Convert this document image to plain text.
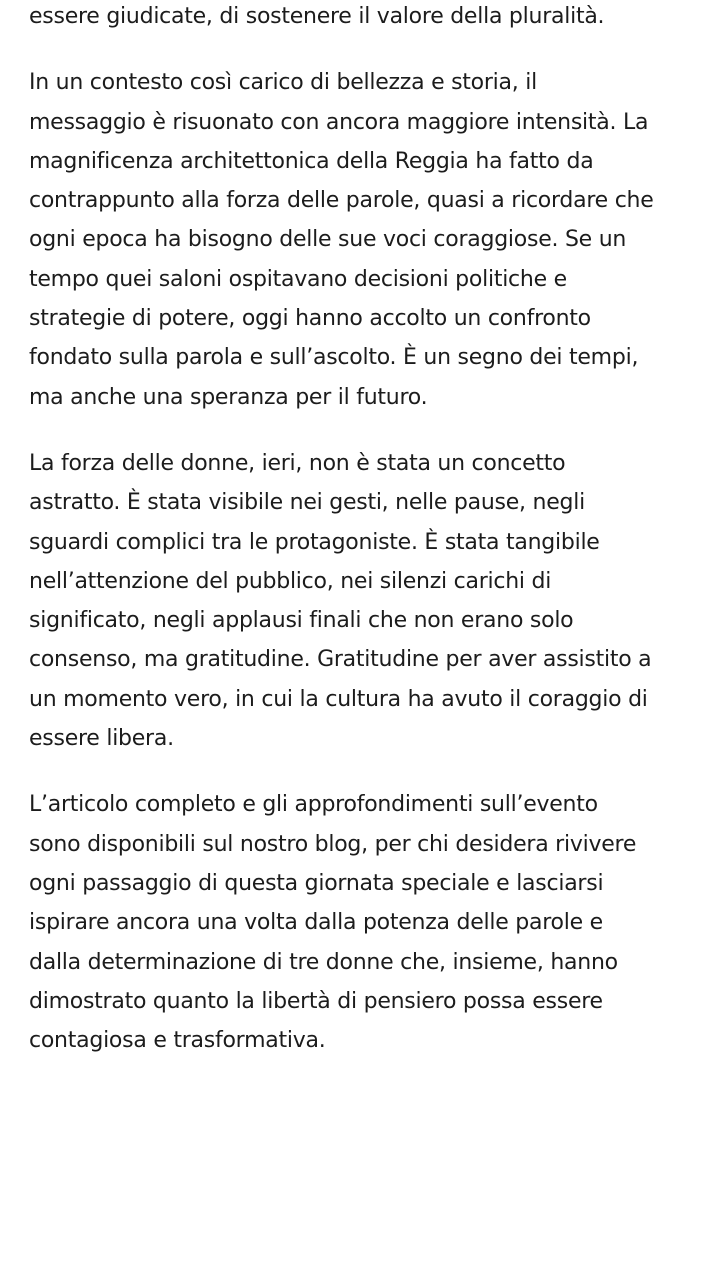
essere giudicate, di sostenere il valore della pluralità.

In un contesto così carico di bellezza e storia, il
messaggio è risuonato con ancora maggiore intensità. La
magnificenza architettonica della Reggia ha fatto da
contrappunto alla forza delle parole, quasi a ricordare che
ogni epoca ha bisogno delle sue voci coraggiose. Se un
tempo quei saloni ospitavano decisioni politiche e
strategie di potere, oggi hanno accolto un confronto
fondato sulla parola e sull’ascolto. È un segno dei tempi,
ma anche una speranza per il futuro.

La forza delle donne, ieri, non è stata un concetto
astratto. È stata visibile nei gesti, nelle pause, negli
sguardi complici tra le protagoniste. È stata tangibile
nell’attenzione del pubblico, nei silenzi carichi di
significato, negli applausi finali che non erano solo
consenso, ma gratitudine. Gratitudine per aver assistito a
un momento vero, in cui la cultura ha avuto il coraggio di
essere libera.

L’articolo completo e gli approfondimenti sull’evento
sono disponibili sul nostro blog, per chi desidera rivivere
ogni passaggio di questa giornata speciale e lasciarsi
ispirare ancora una volta dalla potenza delle parole e
dalla determinazione di tre donne che, insieme, hanno
dimostrato quanto la libertà di pensiero possa essere
contagiosa e trasformativa.
